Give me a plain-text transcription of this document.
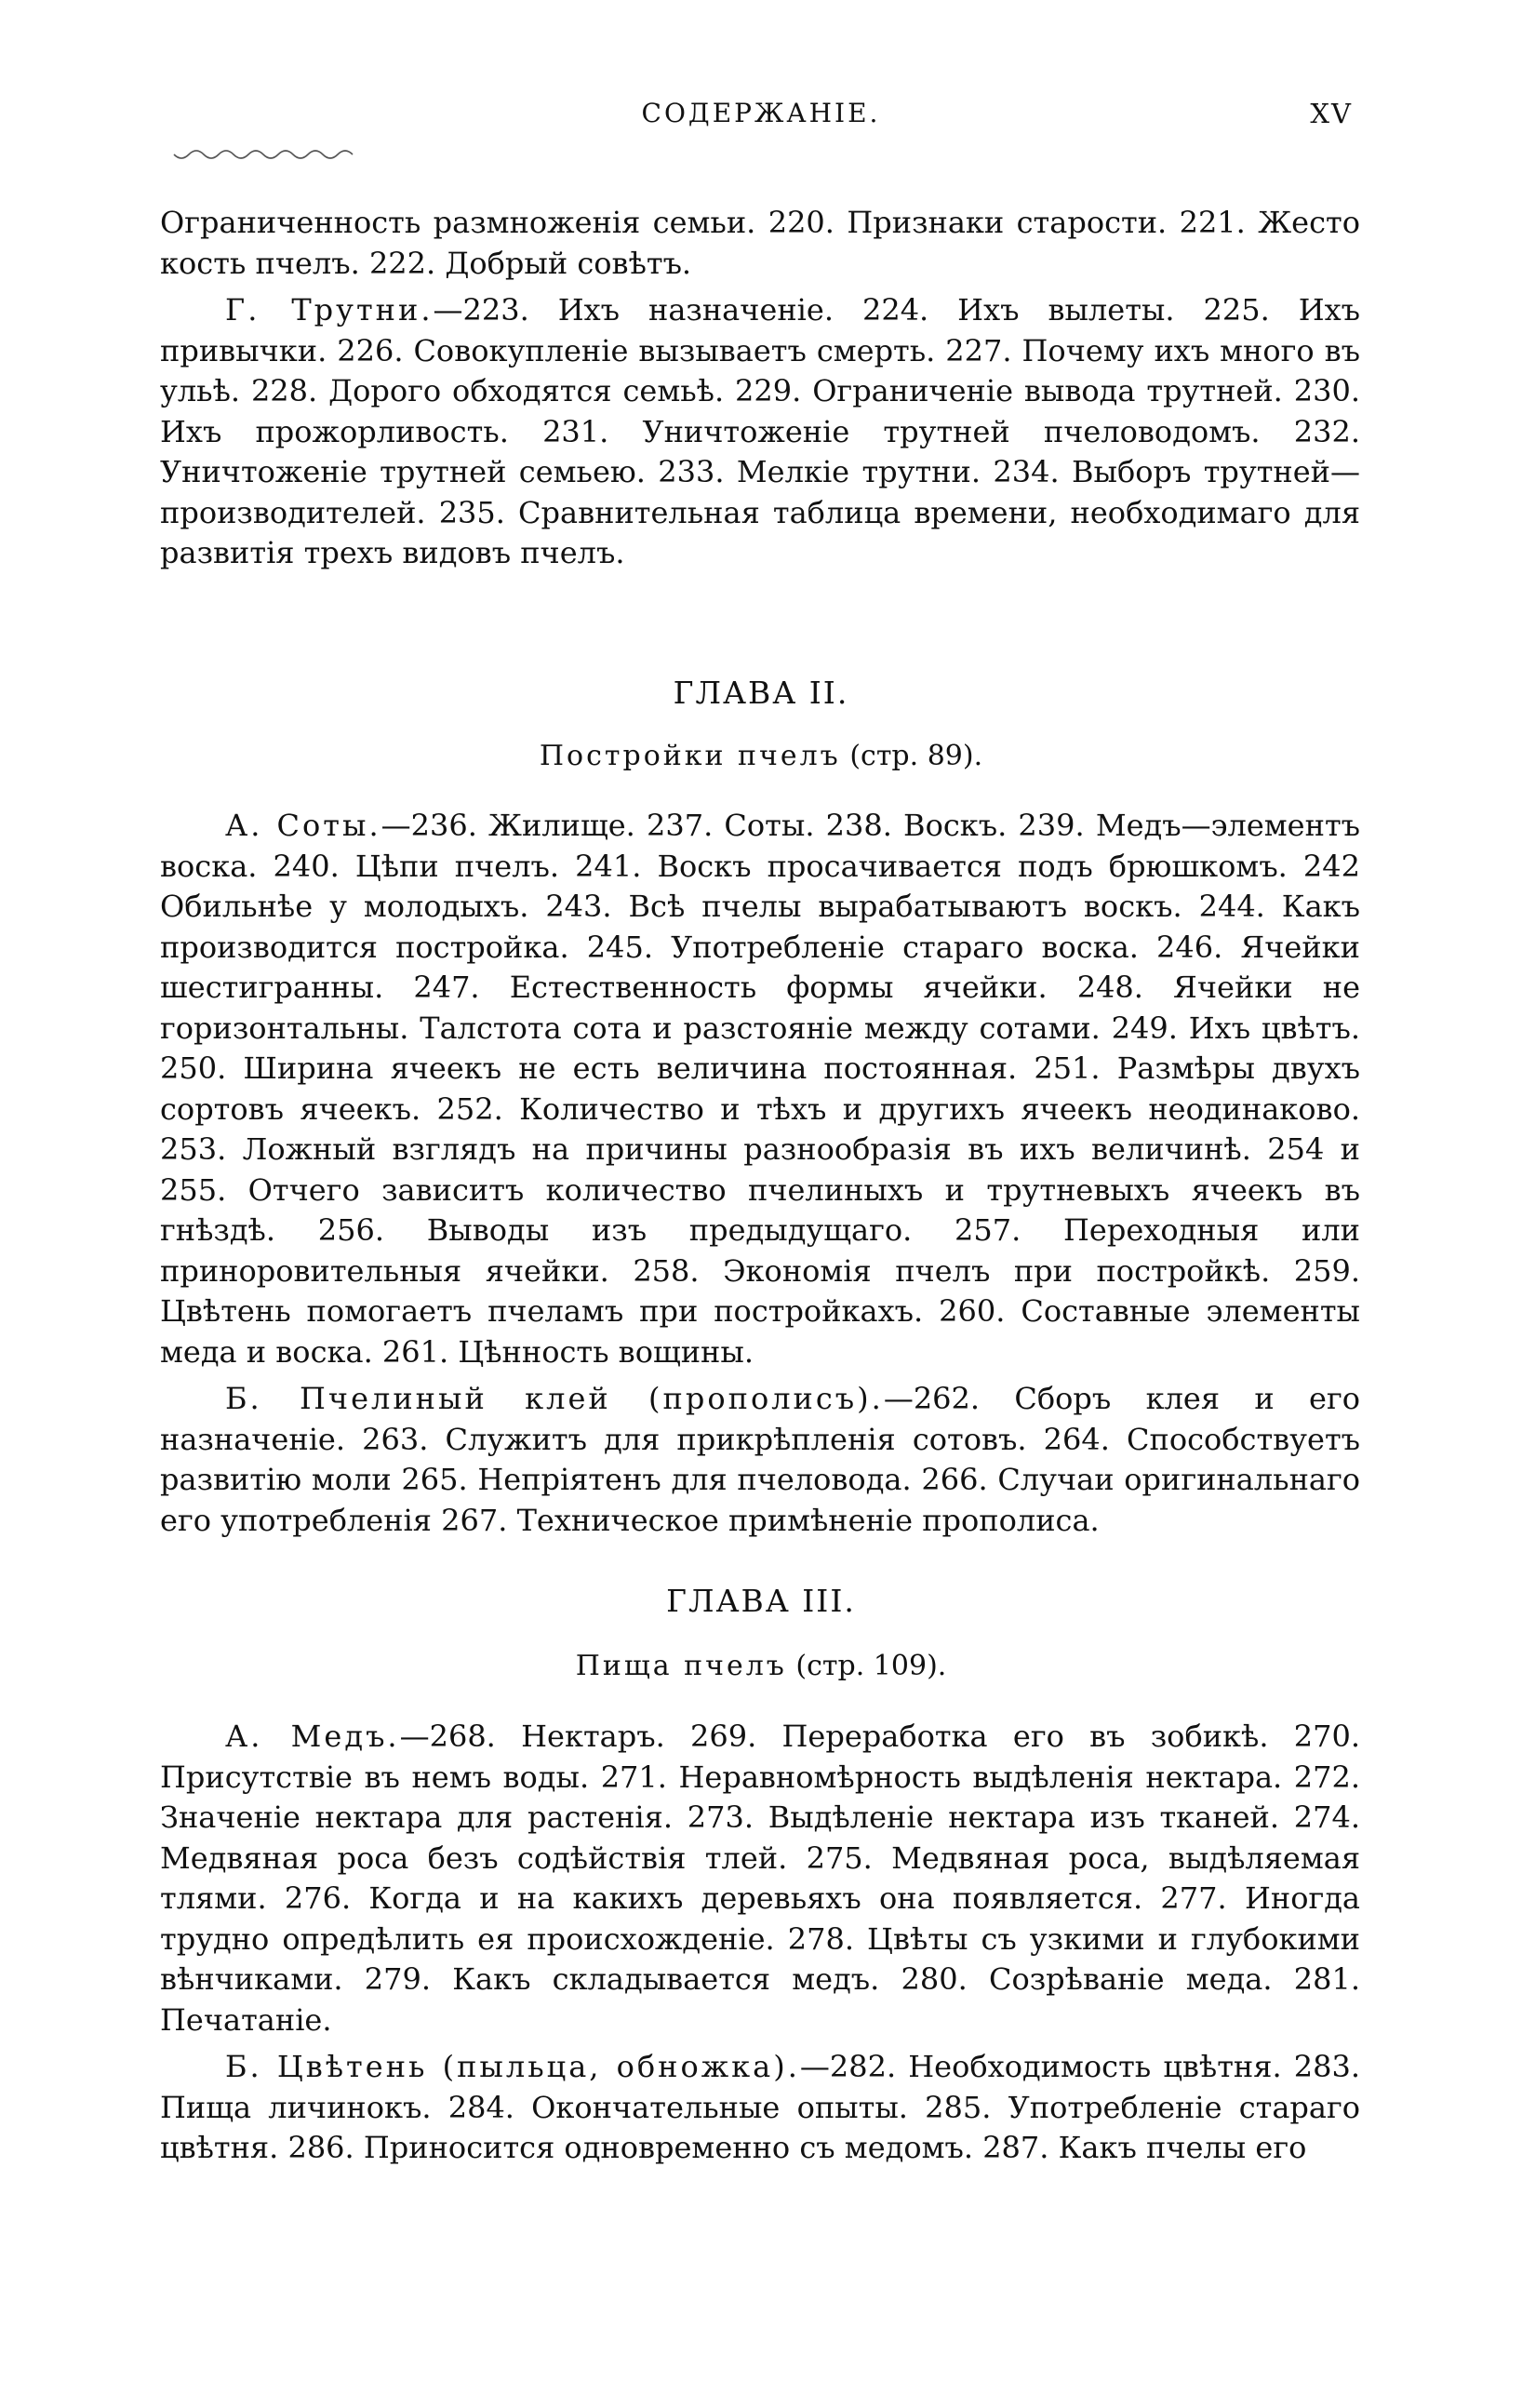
СОДЕРЖАНІЕ.	XV

Ограниченность размноженія семьи. 220. Признаки старости. 221. Жесто кость пчелъ. 222. Добрый совѣтъ.

Г. Трутни.—223. Ихъ назначеніе. 224. Ихъ вылеты. 225. Ихъ привычки. 226. Совокупленіе вызываетъ смерть. 227. Почему ихъ много въ ульѣ. 228. Дорого обходятся семьѣ. 229. Ограниченіе вывода трутней. 230. Ихъ прожорливость. 231. Уничтоженіе трутней пчеловодомъ. 232. Уничтоженіе трутней семьею. 233. Мелкіе трутни. 234. Выборъ трутней—производителей. 235. Сравнительная таблица времени, необходимаго для развитія трехъ видовъ пчелъ.

ГЛАВА II.
Постройки пчелъ (стр. 89).

А. Соты.—236. Жилище. 237. Соты. 238. Воскъ. 239. Медъ—элементъ воска. 240. Цѣпи пчелъ. 241. Воскъ просачивается подъ брюшкомъ. 242 Обильнѣе у молодыхъ. 243. Всѣ пчелы вырабатываютъ воскъ. 244. Какъ производится постройка. 245. Употребленіе стараго воска. 246. Ячейки шестигранны. 247. Естественность формы ячейки. 248. Ячейки не горизонтальны. Талстота сота и разстояніе между сотами. 249. Ихъ цвѣтъ. 250. Ширина ячеекъ не есть величина постоянная. 251. Размѣры двухъ сортовъ ячеекъ. 252. Количество и тѣхъ и другихъ ячеекъ неодинаково. 253. Ложный взглядъ на причины разнообразія въ ихъ величинѣ. 254 и 255. Отчего зависитъ количество пчелиныхъ и трутневыхъ ячеекъ въ гнѣздѣ. 256. Выводы изъ предыдущаго. 257. Переходныя или приноровительныя ячейки. 258. Экономія пчелъ при постройкѣ. 259. Цвѣтень помогаетъ пчеламъ при постройкахъ. 260. Составные элементы меда и воска. 261. Цѣнность вощины.

Б. Пчелиный клей (прополисъ).—262. Сборъ клея и его назначеніе. 263. Служитъ для прикрѣпленія сотовъ. 264. Способствуетъ развитію моли 265. Непріятенъ для пчеловода. 266. Случаи оригинальнаго его употребленія 267. Техническое примѣненіе прополиса.

ГЛАВА III.
Пища пчелъ (стр. 109).

А. Медъ.—268. Нектаръ. 269. Переработка его въ зобикѣ. 270. Присутствіе въ немъ воды. 271. Неравномѣрность выдѣленія нектара. 272. Значеніе нектара для растенія. 273. Выдѣленіе нектара изъ тканей. 274. Медвяная роса безъ содѣйствія тлей. 275. Медвяная роса, выдѣляемая тлями. 276. Когда и на какихъ деревьяхъ она появляется. 277. Иногда трудно опредѣлить ея происхожденіе. 278. Цвѣты съ узкими и глубокими вѣнчиками. 279. Какъ складывается медъ. 280. Созрѣваніе меда. 281. Печатаніе.

Б. Цвѣтень (пыльца, обножка).—282. Необходимость цвѣтня. 283. Пища личинокъ. 284. Окончательные опыты. 285. Употребленіе стараго цвѣтня. 286. Приносится одновременно съ медомъ. 287. Какъ пчелы его
